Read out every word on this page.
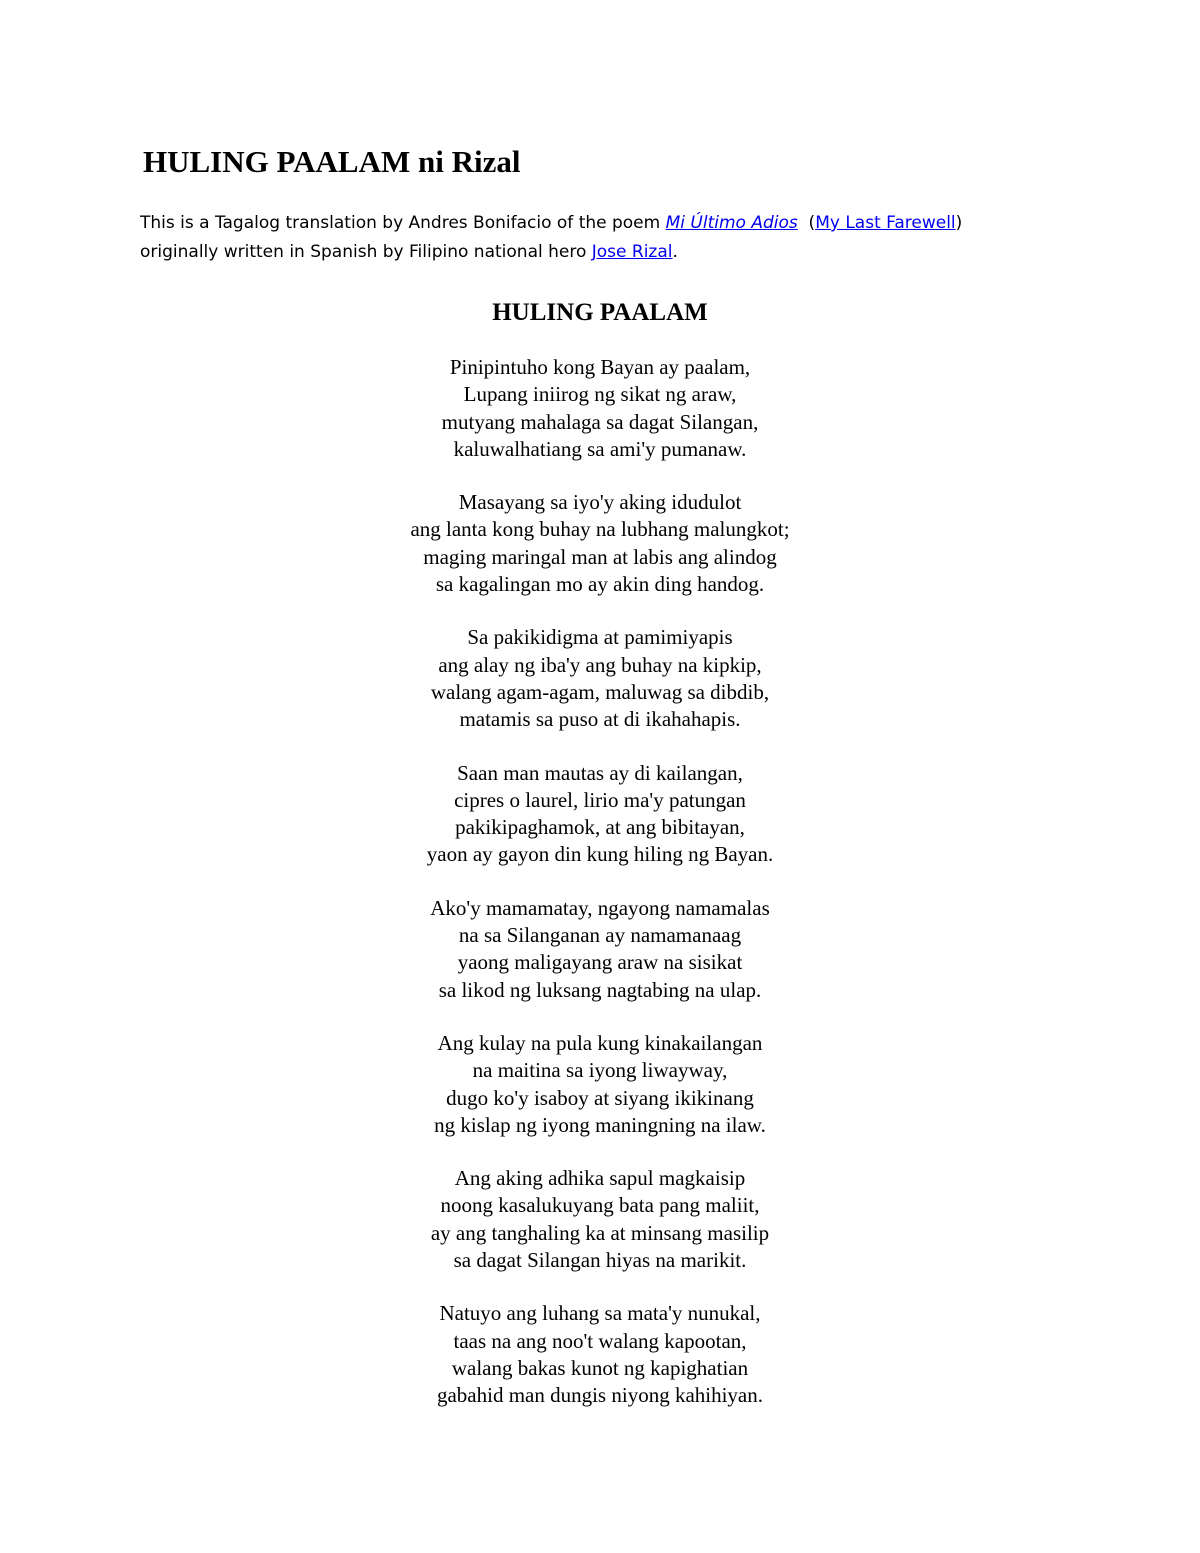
HULING PAALAM ni Rizal

This is a Tagalog translation by Andres Bonifacio of the poem Mi Último Adios  (My Last Farewell) originally written in Spanish by Filipino national hero Jose Rizal.

HULING PAALAM
Pinipintuho kong Bayan ay paalam,
Lupang iniirog ng sikat ng araw,
mutyang mahalaga sa dagat Silangan,
kaluwalhatiang sa ami'y pumanaw.
Masayang sa iyo'y aking idudulot
ang lanta kong buhay na lubhang malungkot;
maging maringal man at labis ang alindog
sa kagalingan mo ay akin ding handog.
Sa pakikidigma at pamimiyapis
ang alay ng iba'y ang buhay na kipkip,
walang agam-agam, maluwag sa dibdib,
matamis sa puso at di ikahahapis.
Saan man mautas ay di kailangan,
cipres o laurel, lirio ma'y patungan
pakikipaghamok, at ang bibitayan,
yaon ay gayon din kung hiling ng Bayan.
Ako'y mamamatay, ngayong namamalas
na sa Silanganan ay namamanaag
yaong maligayang araw na sisikat
sa likod ng luksang nagtabing na ulap.
Ang kulay na pula kung kinakailangan
na maitina sa iyong liwayway,
dugo ko'y isaboy at siyang ikikinang
ng kislap ng iyong maningning na ilaw.
Ang aking adhika sapul magkaisip
noong kasalukuyang bata pang maliit,
ay ang tanghaling ka at minsang masilip
sa dagat Silangan hiyas na marikit.
Natuyo ang luhang sa mata'y nunukal,
taas na ang noo't walang kapootan,
walang bakas kunot ng kapighatian
gabahid man dungis niyong kahihiyan.
